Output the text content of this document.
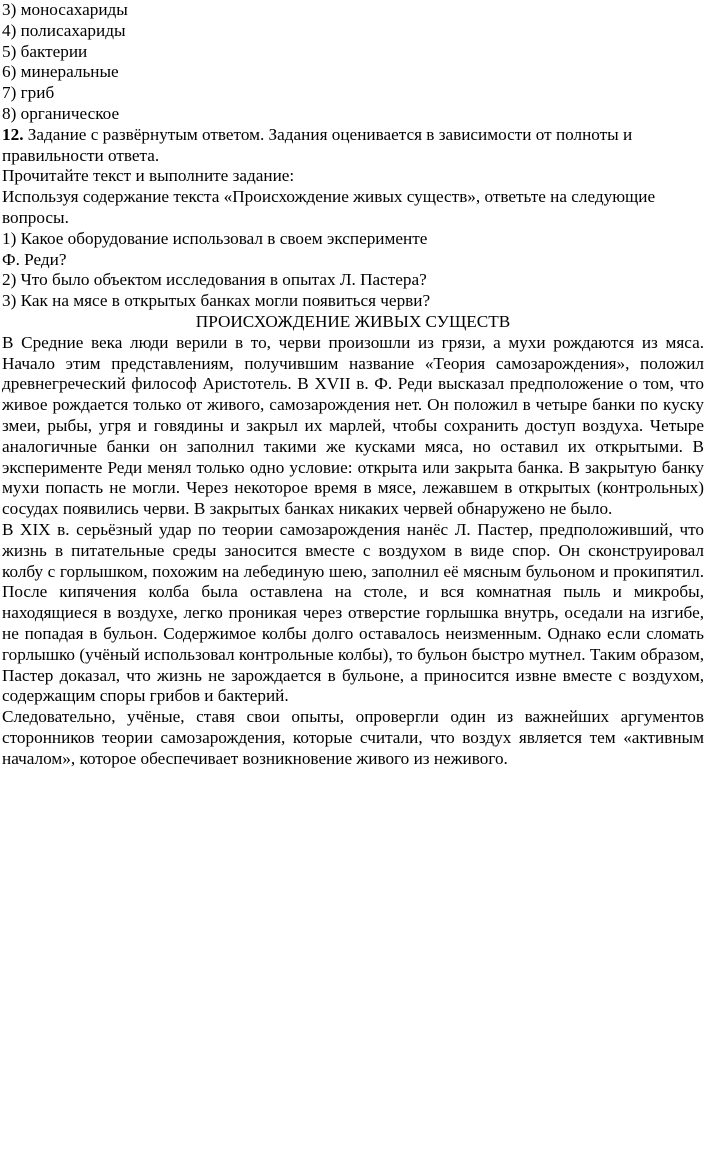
3) моносахариды

4) полисахариды

5) бактерии

6) минеральные

7) гриб

8) органическое

12. Задание с развёрнутым ответом. Задания оценивается в зависимости от полноты и правильности ответа.

Прочитайте текст и выполните задание:

Используя содержание текста «Происхождение живых существ», ответьте на следующие вопросы.

1) Какое оборудование использовал в своем эксперименте

Ф. Реди?

2) Что было объектом исследования в опытах Л. Пастера?

3) Как на мясе в открытых банках могли появиться черви?

ПРОИСХОЖДЕНИЕ ЖИВЫХ СУЩЕСТВ

В Средние века люди верили в то, черви произошли из грязи, а мухи рождаются из мяса. Начало этим представлениям, получившим название «Теория самозарождения», положил древнегреческий философ Аристотель. В XVII в. Ф. Реди высказал предположение о том, что живое рождается только от живого, самозарождения нет. Он положил в четыре банки по куску змеи, рыбы, угря и говядины и закрыл их марлей, чтобы сохранить доступ воздуха. Четыре аналогичные банки он заполнил такими же кусками мяса, но оставил их открытыми. В эксперименте Реди менял только одно условие: открыта или закрыта банка. В закрытую банку мухи попасть не могли. Через некоторое время в мясе, лежавшем в открытых (контрольных) сосудах появились черви. В закрытых банках никаких червей обнаружено не было.

В XIX в. серьёзный удар по теории самозарождения нанёс Л. Пастер, предположивший, что жизнь в питательные среды заносится вместе с воздухом в виде спор. Он сконструировал колбу с горлышком, похожим на лебединую шею, заполнил её мясным бульоном и прокипятил. После кипячения колба была оставлена на столе, и вся комнатная пыль и микробы, находящиеся в воздухе, легко проникая через отверстие горлышка внутрь, оседали на изгибе, не попадая в бульон. Содержимое колбы долго оставалось неизменным. Однако если сломать горлышко (учёный использовал контрольные колбы), то бульон быстро мутнел. Таким образом, Пастер доказал, что жизнь не зарождается в бульоне, а приносится извне вместе с воздухом, содержащим споры грибов и бактерий.

Следовательно, учёные, ставя свои опыты, опровергли один из важнейших аргументов сторонников теории самозарождения, которые считали, что воздух является тем «активным началом», которое обеспечивает возникновение живого из неживого.
